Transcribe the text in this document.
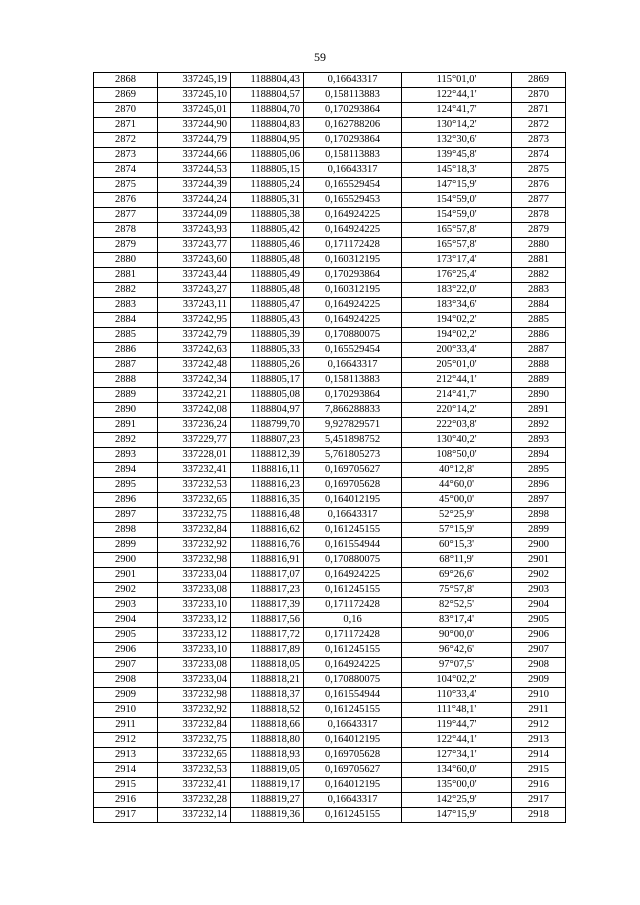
59
2868	337245,19	1188804,43	0,16643317	115°01,0'	2869
2869	337245,10	1188804,57	0,158113883	122°44,1'	2870
2870	337245,01	1188804,70	0,170293864	124°41,7'	2871
2871	337244,90	1188804,83	0,162788206	130°14,2'	2872
2872	337244,79	1188804,95	0,170293864	132°30,6'	2873
2873	337244,66	1188805,06	0,158113883	139°45,8'	2874
2874	337244,53	1188805,15	0,16643317	145°18,3'	2875
2875	337244,39	1188805,24	0,165529454	147°15,9'	2876
2876	337244,24	1188805,31	0,165529453	154°59,0'	2877
2877	337244,09	1188805,38	0,164924225	154°59,0'	2878
2878	337243,93	1188805,42	0,164924225	165°57,8'	2879
2879	337243,77	1188805,46	0,171172428	165°57,8'	2880
2880	337243,60	1188805,48	0,160312195	173°17,4'	2881
2881	337243,44	1188805,49	0,170293864	176°25,4'	2882
2882	337243,27	1188805,48	0,160312195	183°22,0'	2883
2883	337243,11	1188805,47	0,164924225	183°34,6'	2884
2884	337242,95	1188805,43	0,164924225	194°02,2'	2885
2885	337242,79	1188805,39	0,170880075	194°02,2'	2886
2886	337242,63	1188805,33	0,165529454	200°33,4'	2887
2887	337242,48	1188805,26	0,16643317	205°01,0'	2888
2888	337242,34	1188805,17	0,158113883	212°44,1'	2889
2889	337242,21	1188805,08	0,170293864	214°41,7'	2890
2890	337242,08	1188804,97	7,866288833	220°14,2'	2891
2891	337236,24	1188799,70	9,927829571	222°03,8'	2892
2892	337229,77	1188807,23	5,451898752	130°40,2'	2893
2893	337228,01	1188812,39	5,761805273	108°50,0'	2894
2894	337232,41	1188816,11	0,169705627	40°12,8'	2895
2895	337232,53	1188816,23	0,169705628	44°60,0'	2896
2896	337232,65	1188816,35	0,164012195	45°00,0'	2897
2897	337232,75	1188816,48	0,16643317	52°25,9'	2898
2898	337232,84	1188816,62	0,161245155	57°15,9'	2899
2899	337232,92	1188816,76	0,161554944	60°15,3'	2900
2900	337232,98	1188816,91	0,170880075	68°11,9'	2901
2901	337233,04	1188817,07	0,164924225	69°26,6'	2902
2902	337233,08	1188817,23	0,161245155	75°57,8'	2903
2903	337233,10	1188817,39	0,171172428	82°52,5'	2904
2904	337233,12	1188817,56	0,16	83°17,4'	2905
2905	337233,12	1188817,72	0,171172428	90°00,0'	2906
2906	337233,10	1188817,89	0,161245155	96°42,6'	2907
2907	337233,08	1188818,05	0,164924225	97°07,5'	2908
2908	337233,04	1188818,21	0,170880075	104°02,2'	2909
2909	337232,98	1188818,37	0,161554944	110°33,4'	2910
2910	337232,92	1188818,52	0,161245155	111°48,1'	2911
2911	337232,84	1188818,66	0,16643317	119°44,7'	2912
2912	337232,75	1188818,80	0,164012195	122°44,1'	2913
2913	337232,65	1188818,93	0,169705628	127°34,1'	2914
2914	337232,53	1188819,05	0,169705627	134°60,0'	2915
2915	337232,41	1188819,17	0,164012195	135°00,0'	2916
2916	337232,28	1188819,27	0,16643317	142°25,9'	2917
2917	337232,14	1188819,36	0,161245155	147°15,9'	2918
